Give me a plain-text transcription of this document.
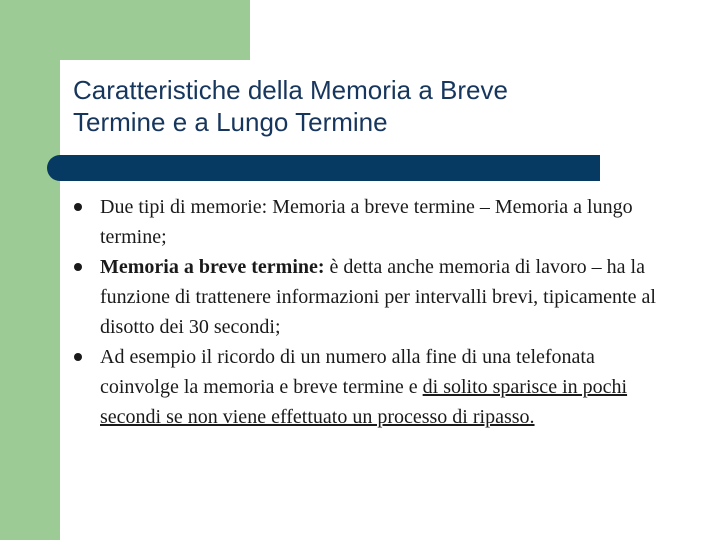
Caratteristiche della Memoria a Breve
Termine e a Lungo Termine
Due tipi di memorie: Memoria a breve termine – Memoria a lungo termine;
Memoria a breve termine: è detta anche memoria di lavoro – ha la funzione di trattenere informazioni per intervalli brevi, tipicamente al disotto dei 30 secondi;
Ad esempio il ricordo di un numero alla fine di una telefonata coinvolge la memoria e breve termine e di solito sparisce in pochi secondi se non viene effettuato un processo di ripasso.
